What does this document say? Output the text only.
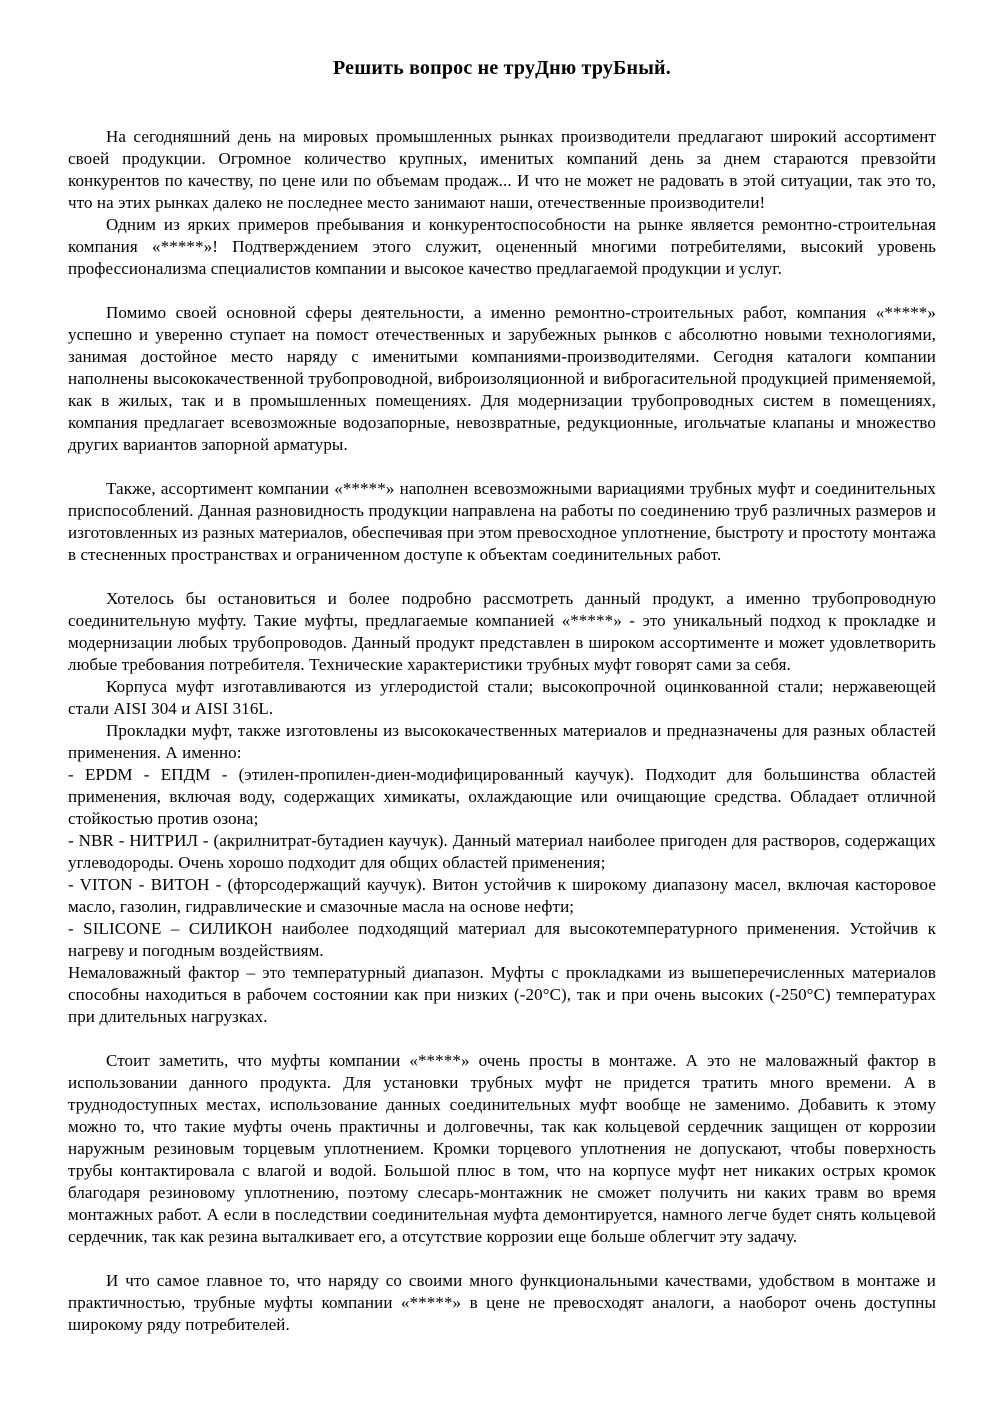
Решить вопрос не труДню труБный.

На сегодняшний день на мировых промышленных рынках производители предлагают широкий ассортимент своей продукции. Огромное количество крупных, именитых компаний день за днем стараются превзойти конкурентов по качеству, по цене или по объемам продаж... И что не может не радовать в этой ситуации, так это то, что на этих рынках далеко не последнее место занимают наши, отечественные производители!

Одним из ярких примеров пребывания и конкурентоспособности на рынке является ремонтно-строительная компания «*****»! Подтверждением этого служит, оцененный многими потребителями, высокий уровень профессионализма специалистов компании и высокое качество предлагаемой продукции и услуг.

Помимо своей основной сферы деятельности, а именно ремонтно-строительных работ, компания «*****» успешно и уверенно ступает на помост отечественных и зарубежных рынков с абсолютно новыми технологиями, занимая достойное место наряду с именитыми компаниями-производителями. Сегодня каталоги компании наполнены высококачественной трубопроводной, виброизоляционной и виброгасительной продукцией применяемой, как в жилых, так и в промышленных помещениях. Для модернизации трубопроводных систем в помещениях, компания предлагает всевозможные водозапорные, невозвратные, редукционные, игольчатые клапаны и множество других вариантов запорной арматуры.

Также, ассортимент компании «*****» наполнен всевозможными вариациями трубных муфт и соединительных приспособлений. Данная разновидность продукции направлена на работы по соединению труб различных размеров и изготовленных из разных материалов, обеспечивая при этом превосходное уплотнение, быстроту и простоту монтажа в стесненных пространствах и ограниченном доступе к объектам соединительных работ.

Хотелось бы остановиться и более подробно рассмотреть данный продукт, а именно трубопроводную соединительную муфту. Такие муфты, предлагаемые компанией «*****» - это уникальный подход к прокладке и модернизации любых трубопроводов. Данный продукт представлен в широком ассортименте и может удовлетворить любые требования потребителя. Технические характеристики трубных муфт говорят сами за себя.

Корпуса муфт изготавливаются из углеродистой стали; высокопрочной оцинкованной стали; нержавеющей стали AISI 304 и AISI 316L.

Прокладки муфт, также изготовлены из высококачественных материалов и предназначены для разных областей применения. А именно:

- EPDM - ЕПДМ - (этилен-пропилен-диен-модифицированный каучук). Подходит для большинства областей применения, включая воду, содержащих химикаты, охлаждающие или очищающие средства. Обладает отличной стойкостью против озона;

- NBR - НИТРИЛ - (акрилнитрат-бутадиен каучук). Данный материал наиболее пригоден для растворов, содержащих углеводороды. Очень хорошо подходит для общих областей применения;

- VITON - ВИТОН - (фторсодержащий каучук). Витон устойчив к широкому диапазону масел, включая касторовое масло, газолин, гидравлические и смазочные масла на основе нефти;

- SILICONE – СИЛИКОН наиболее подходящий материал для высокотемпературного применения. Устойчив к нагреву и погодным воздействиям.

Немаловажный фактор – это температурный диапазон. Муфты с прокладками из вышеперечисленных материалов способны находиться в рабочем состоянии как при низких (-20°C), так и при очень высоких (-250°C) температурах при длительных нагрузках.

Стоит заметить, что муфты компании «*****» очень просты в монтаже. А это не маловажный фактор в использовании данного продукта. Для установки трубных муфт не придется тратить много времени. А в труднодоступных местах, использование данных соединительных муфт вообще не заменимо. Добавить к этому можно то, что такие муфты очень практичны и долговечны, так как кольцевой сердечник защищен от коррозии наружным резиновым торцевым уплотнением. Кромки торцевого уплотнения не допускают, чтобы поверхность трубы контактировала с влагой и водой. Большой плюс в том, что на корпусе муфт нет никаких острых кромок благодаря резиновому уплотнению, поэтому слесарь-монтажник не сможет получить ни каких травм во время монтажных работ. А если в последствии соединительная муфта демонтируется, намного легче будет снять кольцевой сердечник, так как резина выталкивает его, а отсутствие коррозии еще больше облегчит эту задачу.

И что самое главное то, что наряду со своими много функциональными качествами, удобством в монтаже и практичностью, трубные муфты компании «*****» в цене не превосходят аналоги, а наоборот очень доступны широкому ряду потребителей.
